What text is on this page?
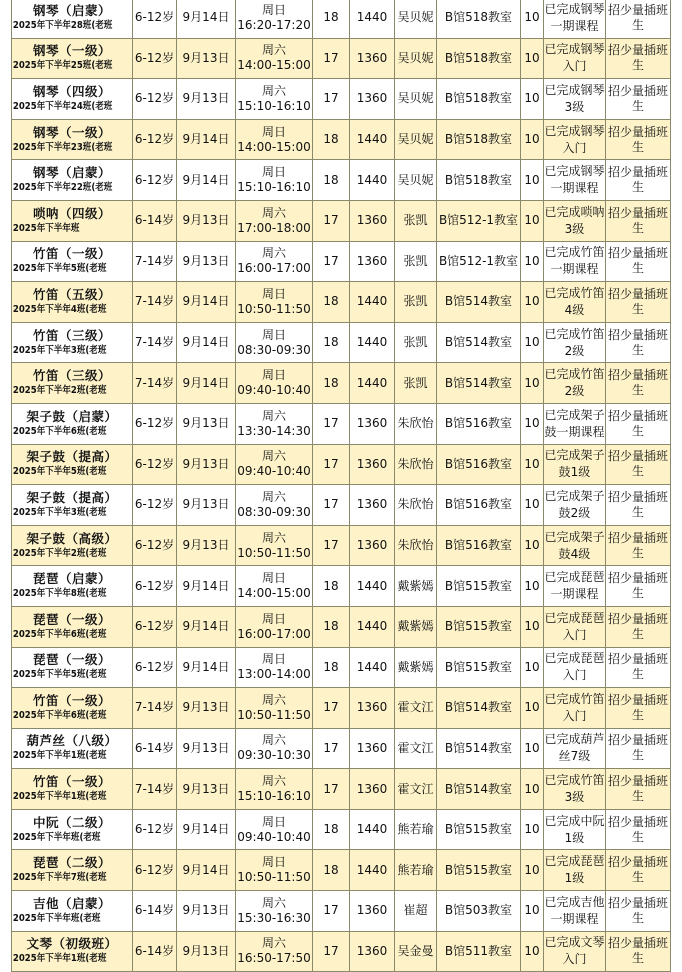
钢琴（启蒙）
2025年下半年28班(老班	6-12岁	9月14日	周日
16:20-17:20	18	1440	吴贝妮	B馆518教室	10	已完成钢琴一期课程	招少量插班生

钢琴（一级）
2025年下半年25班(老班	6-12岁	9月13日	周六
14:00-15:00	17	1360	吴贝妮	B馆518教室	10	已完成钢琴入门	招少量插班生

钢琴（四级）
2025年下半年24班(老班	6-12岁	9月13日	周六
15:10-16:10	17	1360	吴贝妮	B馆518教室	10	已完成钢琴3级	招少量插班生

钢琴（一级）
2025年下半年23班(老班	6-12岁	9月14日	周日
14:00-15:00	18	1440	吴贝妮	B馆518教室	10	已完成钢琴入门	招少量插班生

钢琴（启蒙）
2025年下半年22班(老班	6-12岁	9月14日	周日
15:10-16:10	18	1440	吴贝妮	B馆518教室	10	已完成钢琴一期课程	招少量插班生

唢呐（四级）
2025年下半年班	6-14岁	9月13日	周六
17:00-18:00	17	1360	张凯	B馆512-1教室	10	已完成唢呐3级	招少量插班生

竹笛（一级）
2025年下半年5班(老班	7-14岁	9月13日	周六
16:00-17:00	17	1360	张凯	B馆512-1教室	10	已完成竹笛一期课程	招少量插班生

竹笛（五级）
2025年下半年4班(老班	7-14岁	9月14日	周日
10:50-11:50	18	1440	张凯	B馆514教室	10	已完成竹笛4级	招少量插班生

竹笛（三级）
2025年下半年3班(老班	7-14岁	9月14日	周日
08:30-09:30	18	1440	张凯	B馆514教室	10	已完成竹笛2级	招少量插班生

竹笛（三级）
2025年下半年2班(老班	7-14岁	9月14日	周日
09:40-10:40	18	1440	张凯	B馆514教室	10	已完成竹笛2级	招少量插班生

架子鼓（启蒙）
2025年下半年6班(老班	6-12岁	9月13日	周六
13:30-14:30	17	1360	朱欣怡	B馆516教室	10	已完成架子鼓一期课程	招少量插班生

架子鼓（提高）
2025年下半年5班(老班	6-12岁	9月13日	周六
09:40-10:40	17	1360	朱欣怡	B馆516教室	10	已完成架子鼓1级	招少量插班生

架子鼓（提高）
2025年下半年3班(老班	6-12岁	9月13日	周六
08:30-09:30	17	1360	朱欣怡	B馆516教室	10	已完成架子鼓2级	招少量插班生

架子鼓（高级）
2025年下半年2班(老班	6-12岁	9月13日	周六
10:50-11:50	17	1360	朱欣怡	B馆516教室	10	已完成架子鼓4级	招少量插班生

琵琶（启蒙）
2025年下半年8班(老班	6-12岁	9月14日	周日
14:00-15:00	18	1440	戴紫嫣	B馆515教室	10	已完成琵琶一期课程	招少量插班生

琵琶（一级）
2025年下半年6班(老班	6-12岁	9月14日	周日
16:00-17:00	18	1440	戴紫嫣	B馆515教室	10	已完成琵琶入门	招少量插班生

琵琶（一级）
2025年下半年5班(老班	6-12岁	9月14日	周日
13:00-14:00	18	1440	戴紫嫣	B馆515教室	10	已完成琵琶入门	招少量插班生

竹笛（一级）
2025年下半年6班(老班	7-14岁	9月13日	周六
10:50-11:50	17	1360	霍文江	B馆514教室	10	已完成竹笛入门	招少量插班生

葫芦丝（八级）
2025年下半年1班(老班	6-14岁	9月13日	周六
09:30-10:30	17	1360	霍文江	B馆514教室	10	已完成葫芦丝7级	招少量插班生

竹笛（一级）
2025年下半年1班(老班	7-14岁	9月13日	周六
15:10-16:10	17	1360	霍文江	B馆514教室	10	已完成竹笛3级	招少量插班生

中阮（二级）
2025年下半年班(老班	6-12岁	9月14日	周日
09:40-10:40	18	1440	熊若瑜	B馆515教室	10	已完成中阮1级	招少量插班生

琵琶（二级）
2025年下半年7班(老班	6-12岁	9月14日	周日
10:50-11:50	18	1440	熊若瑜	B馆515教室	10	已完成琵琶1级	招少量插班生

吉他（启蒙）
2025年下半年班(老班	6-14岁	9月13日	周六
15:30-16:30	17	1360	崔超	B馆503教室	10	已完成吉他一期课程	招少量插班生

文琴（初级班）
2025年下半年1班(老班	6-14岁	9月13日	周六
16:50-17:50	17	1360	吴金曼	B馆511教室	10	已完成文琴入门	招少量插班生
